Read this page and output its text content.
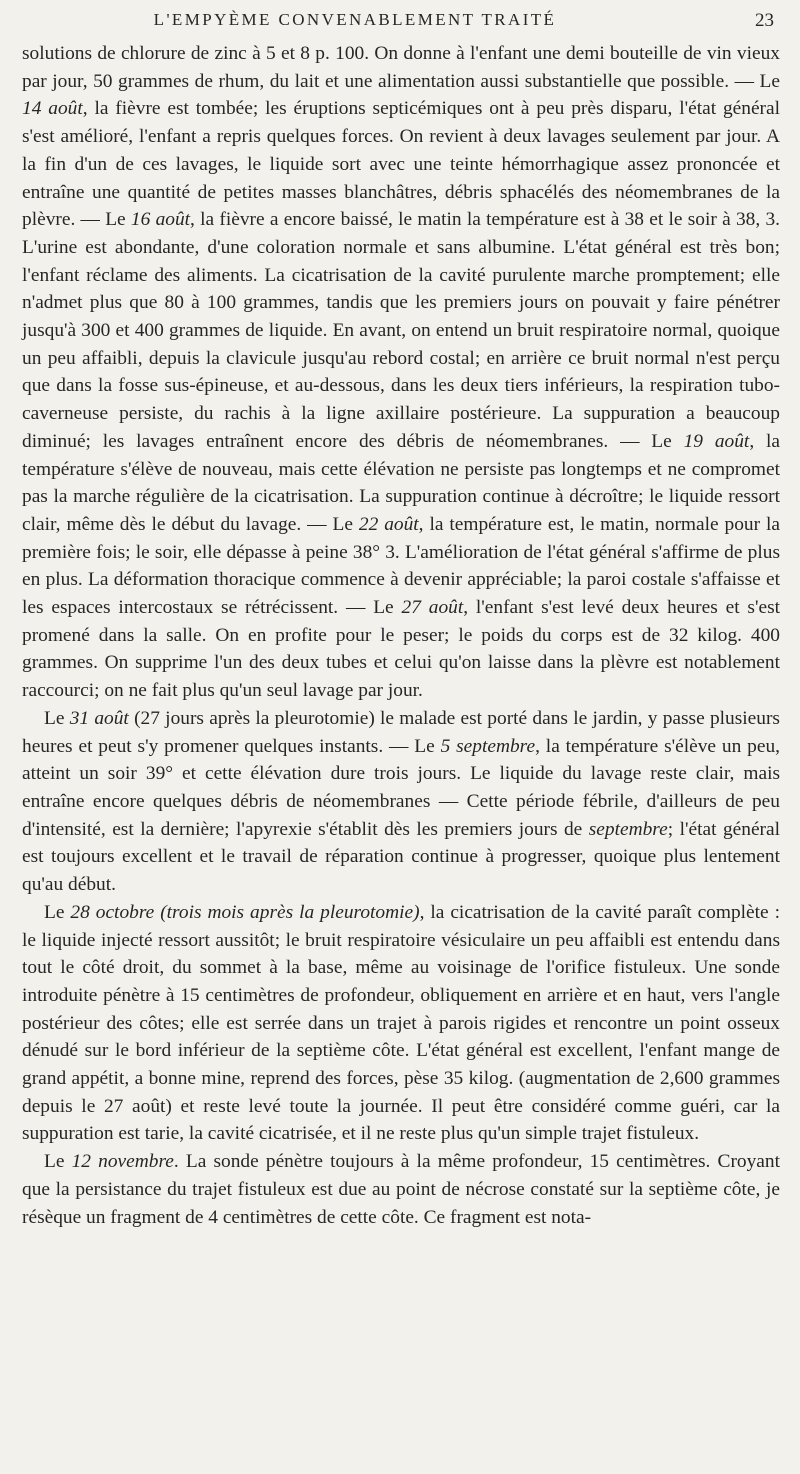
L'EMPYÈME CONVENABLEMENT TRAITÉ	23

solutions de chlorure de zinc à 5 et 8 p. 100. On donne à l'enfant une demi bouteille de vin vieux par jour, 50 grammes de rhum, du lait et une alimentation aussi substantielle que possible. — Le 14 août, la fièvre est tombée; les éruptions septicémiques ont à peu près disparu, l'état général s'est amélioré, l'enfant a repris quelques forces. On revient à deux lavages seulement par jour. A la fin d'un de ces lavages, le liquide sort avec une teinte hémorrhagique assez prononcée et entraîne une quantité de petites masses blanchâtres, débris sphacélés des néomembranes de la plèvre. — Le 16 août, la fièvre a encore baissé, le matin la température est à 38 et le soir à 38, 3. L'urine est abondante, d'une coloration normale et sans albumine. L'état général est très bon; l'enfant réclame des aliments. La cicatrisation de la cavité purulente marche promptement; elle n'admet plus que 80 à 100 grammes, tandis que les premiers jours on pouvait y faire pénétrer jusqu'à 300 et 400 grammes de liquide. En avant, on entend un bruit respiratoire normal, quoique un peu affaibli, depuis la clavicule jusqu'au rebord costal; en arrière ce bruit normal n'est perçu que dans la fosse sus-épineuse, et au-dessous, dans les deux tiers inférieurs, la respiration tubo-caverneuse persiste, du rachis à la ligne axillaire postérieure. La suppuration a beaucoup diminué; les lavages entraînent encore des débris de néomembranes. — Le 19 août, la température s'élève de nouveau, mais cette élévation ne persiste pas longtemps et ne compromet pas la marche régulière de la cicatrisation. La suppuration continue à décroître; le liquide ressort clair, même dès le début du lavage. — Le 22 août, la température est, le matin, normale pour la première fois; le soir, elle dépasse à peine 38° 3. L'amélioration de l'état général s'affirme de plus en plus. La déformation thoracique commence à devenir appréciable; la paroi costale s'affaisse et les espaces intercostaux se rétrécissent. — Le 27 août, l'enfant s'est levé deux heures et s'est promené dans la salle. On en profite pour le peser; le poids du corps est de 32 kilog. 400 grammes. On supprime l'un des deux tubes et celui qu'on laisse dans la plèvre est notablement raccourci; on ne fait plus qu'un seul lavage par jour.

Le 31 août (27 jours après la pleurotomie) le malade est porté dans le jardin, y passe plusieurs heures et peut s'y promener quelques instants. — Le 5 septembre, la température s'élève un peu, atteint un soir 39° et cette élévation dure trois jours. Le liquide du lavage reste clair, mais entraîne encore quelques débris de néomembranes — Cette période fébrile, d'ailleurs de peu d'intensité, est la dernière; l'apyrexie s'établit dès les premiers jours de septembre; l'état général est toujours excellent et le travail de réparation continue à progresser, quoique plus lentement qu'au début.

Le 28 octobre (trois mois après la pleurotomie), la cicatrisation de la cavité paraît complète : le liquide injecté ressort aussitôt; le bruit respiratoire vésiculaire un peu affaibli est entendu dans tout le côté droit, du sommet à la base, même au voisinage de l'orifice fistuleux. Une sonde introduite pénètre à 15 centimètres de profondeur, obliquement en arrière et en haut, vers l'angle postérieur des côtes; elle est serrée dans un trajet à parois rigides et rencontre un point osseux dénudé sur le bord inférieur de la septième côte. L'état général est excellent, l'enfant mange de grand appétit, a bonne mine, reprend des forces, pèse 35 kilog. (augmentation de 2,600 grammes depuis le 27 août) et reste levé toute la journée. Il peut être considéré comme guéri, car la suppuration est tarie, la cavité cicatrisée, et il ne reste plus qu'un simple trajet fistuleux.

Le 12 novembre. La sonde pénètre toujours à la même profondeur, 15 centimètres. Croyant que la persistance du trajet fistuleux est due au point de nécrose constaté sur la septième côte, je résèque un fragment de 4 centimètres de cette côte. Ce fragment est nota-
